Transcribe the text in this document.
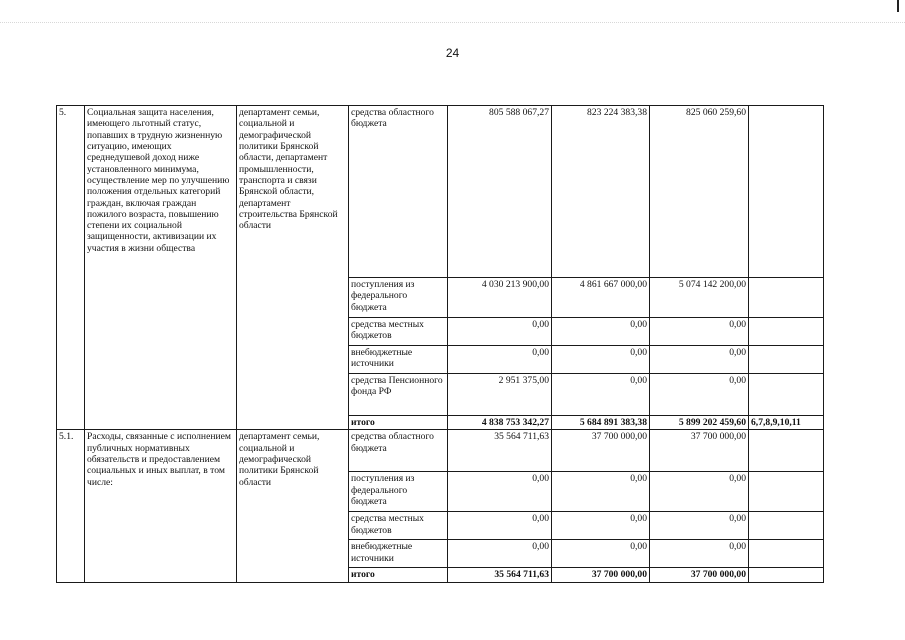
24
5.	Социальная защита населения, имеющего льготный статус, попавших в трудную жизненную ситуацию, имеющих среднедушевой доход ниже установленного минимума, осуществление мер по улучшению положения отдельных категорий граждан, включая граждан пожилого возраста, повышению степени их социальной защищенности, активизации их участия в жизни общества	департамент семьи, социальной и демографической политики Брянской области, департамент промышленности, транспорта и связи Брянской области, департамент строительства Брянской области	средства областного бюджета	805 588 067,27	823 224 383,38	825 060 259,60	
			поступления из федерального бюджета	4 030 213 900,00	4 861 667 000,00	5 074 142 200,00	
			средства местных бюджетов	0,00	0,00	0,00	
			внебюджетные источники	0,00	0,00	0,00	
			средства Пенсионного фонда РФ	2 951 375,00	0,00	0,00	
			итого	4 838 753 342,27	5 684 891 383,38	5 899 202 459,60	6,7,8,9,10,11
5.1.	Расходы, связанные с исполнением публичных нормативных обязательств и предоставлением социальных и иных выплат, в том числе:	департамент семьи, социальной и демографической политики Брянской области	средства областного бюджета	35 564 711,63	37 700 000,00	37 700 000,00	
			поступления из федерального бюджета	0,00	0,00	0,00	
			средства местных бюджетов	0,00	0,00	0,00	
			внебюджетные источники	0,00	0,00	0,00	
			итого	35 564 711,63	37 700 000,00	37 700 000,00	
